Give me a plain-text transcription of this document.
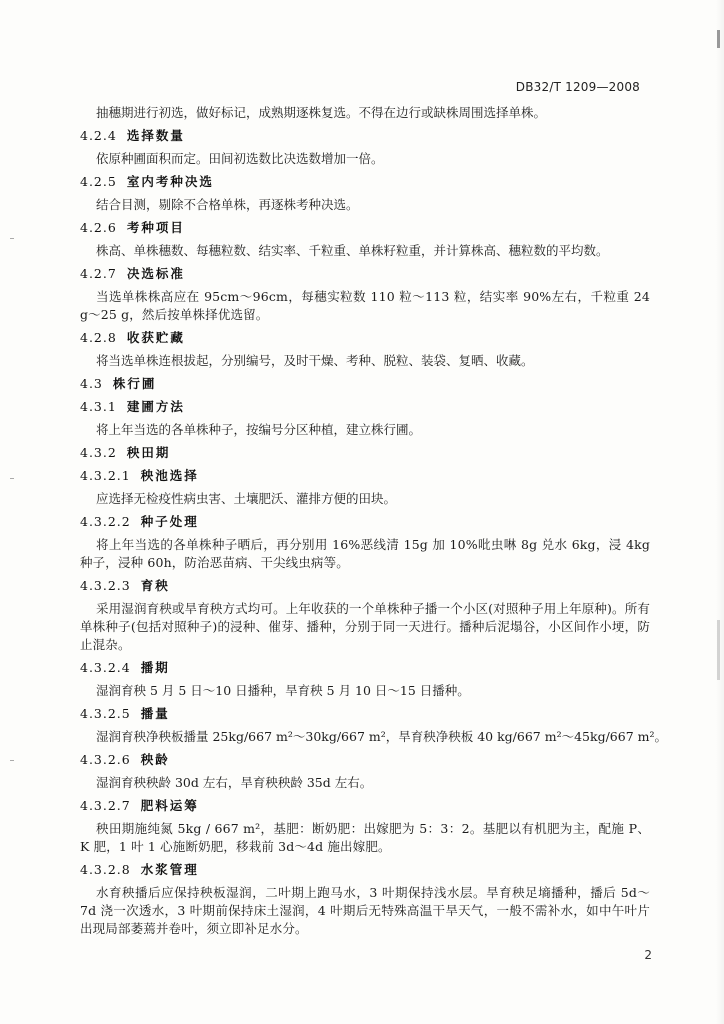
DB32/T 1209—2008
抽穗期进行初选，做好标记，成熟期逐株复选。不得在边行或缺株周围选择单株。
4.2.4 选择数量
依原种圃面积而定。田间初选数比决选数增加一倍。
4.2.5 室内考种决选
结合目测，剔除不合格单株，再逐株考种决选。
4.2.6 考种项目
株高、单株穗数、每穗粒数、结实率、千粒重、单株籽粒重，并计算株高、穗粒数的平均数。
4.2.7 决选标准
当选单株株高应在 95cm～96cm，每穗实粒数 110 粒～113 粒，结实率 90%左右，千粒重 24 g～25 g，然后按单株择优选留。
4.2.8 收获贮藏
将当选单株连根拔起，分别编号，及时干燥、考种、脱粒、装袋、复晒、收藏。
4.3 株行圃
4.3.1 建圃方法
将上年当选的各单株种子，按编号分区种植，建立株行圃。
4.3.2 秧田期
4.3.2.1 秧池选择
应选择无检疫性病虫害、土壤肥沃、灌排方便的田块。
4.3.2.2 种子处理
将上年当选的各单株种子晒后，再分别用 16%恶线清 15g 加 10%吡虫啉 8g 兑水 6kg，浸 4kg 种子，浸种 60h，防治恶苗病、干尖线虫病等。
4.3.2.3 育秧
采用湿润育秧或旱育秧方式均可。上年收获的一个单株种子播一个小区(对照种子用上年原种)。所有单株种子(包括对照种子)的浸种、催芽、播种，分别于同一天进行。播种后泥塌谷，小区间作小埂，防止混杂。
4.3.2.4 播期
湿润育秧 5 月 5 日～10 日播种，旱育秧 5 月 10 日～15 日播种。
4.3.2.5 播量
湿润育秧净秧板播量 25kg/667 m²～30kg/667 m²，旱育秧净秧板 40 kg/667 m²～45kg/667 m²。
4.3.2.6 秧龄
湿润育秧秧龄 30d 左右，旱育秧秧龄 35d 左右。
4.3.2.7 肥料运筹
秧田期施纯氮 5kg / 667 m²，基肥：断奶肥：出嫁肥为 5：3：2。基肥以有机肥为主，配施 P、K 肥，1 叶 1 心施断奶肥，移栽前 3d～4d 施出嫁肥。
4.3.2.8 水浆管理
水育秧播后应保持秧板湿润，二叶期上跑马水，3 叶期保持浅水层。旱育秧足墒播种，播后 5d～7d 浇一次透水，3 叶期前保持床土湿润，4 叶期后无特殊高温干旱天气，一般不需补水，如中午叶片出现局部萎蔫并卷叶，须立即补足水分。
2
